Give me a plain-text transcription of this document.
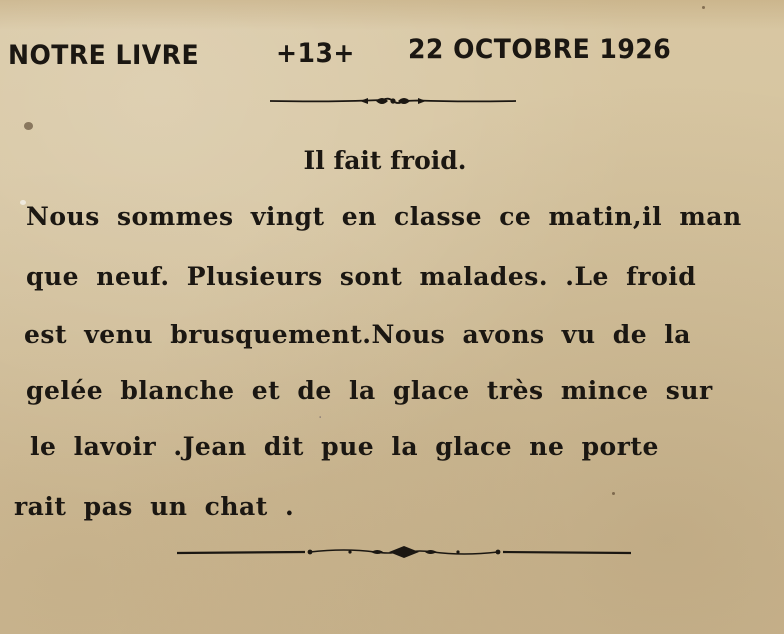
NOTRE LIVRE	+13+ 22 OCTOBRE 1926
Il fait froid.
Nous sommes vingt en classe ce matin,il man
que neuf. Plusieurs sont malades. .Le froid
est venu brusquement.Nous avons vu de la
gelée blanche et de la glace très mince sur
le lavoir .Jean dit pue la glace ne porte
rait pas un chat .
·
